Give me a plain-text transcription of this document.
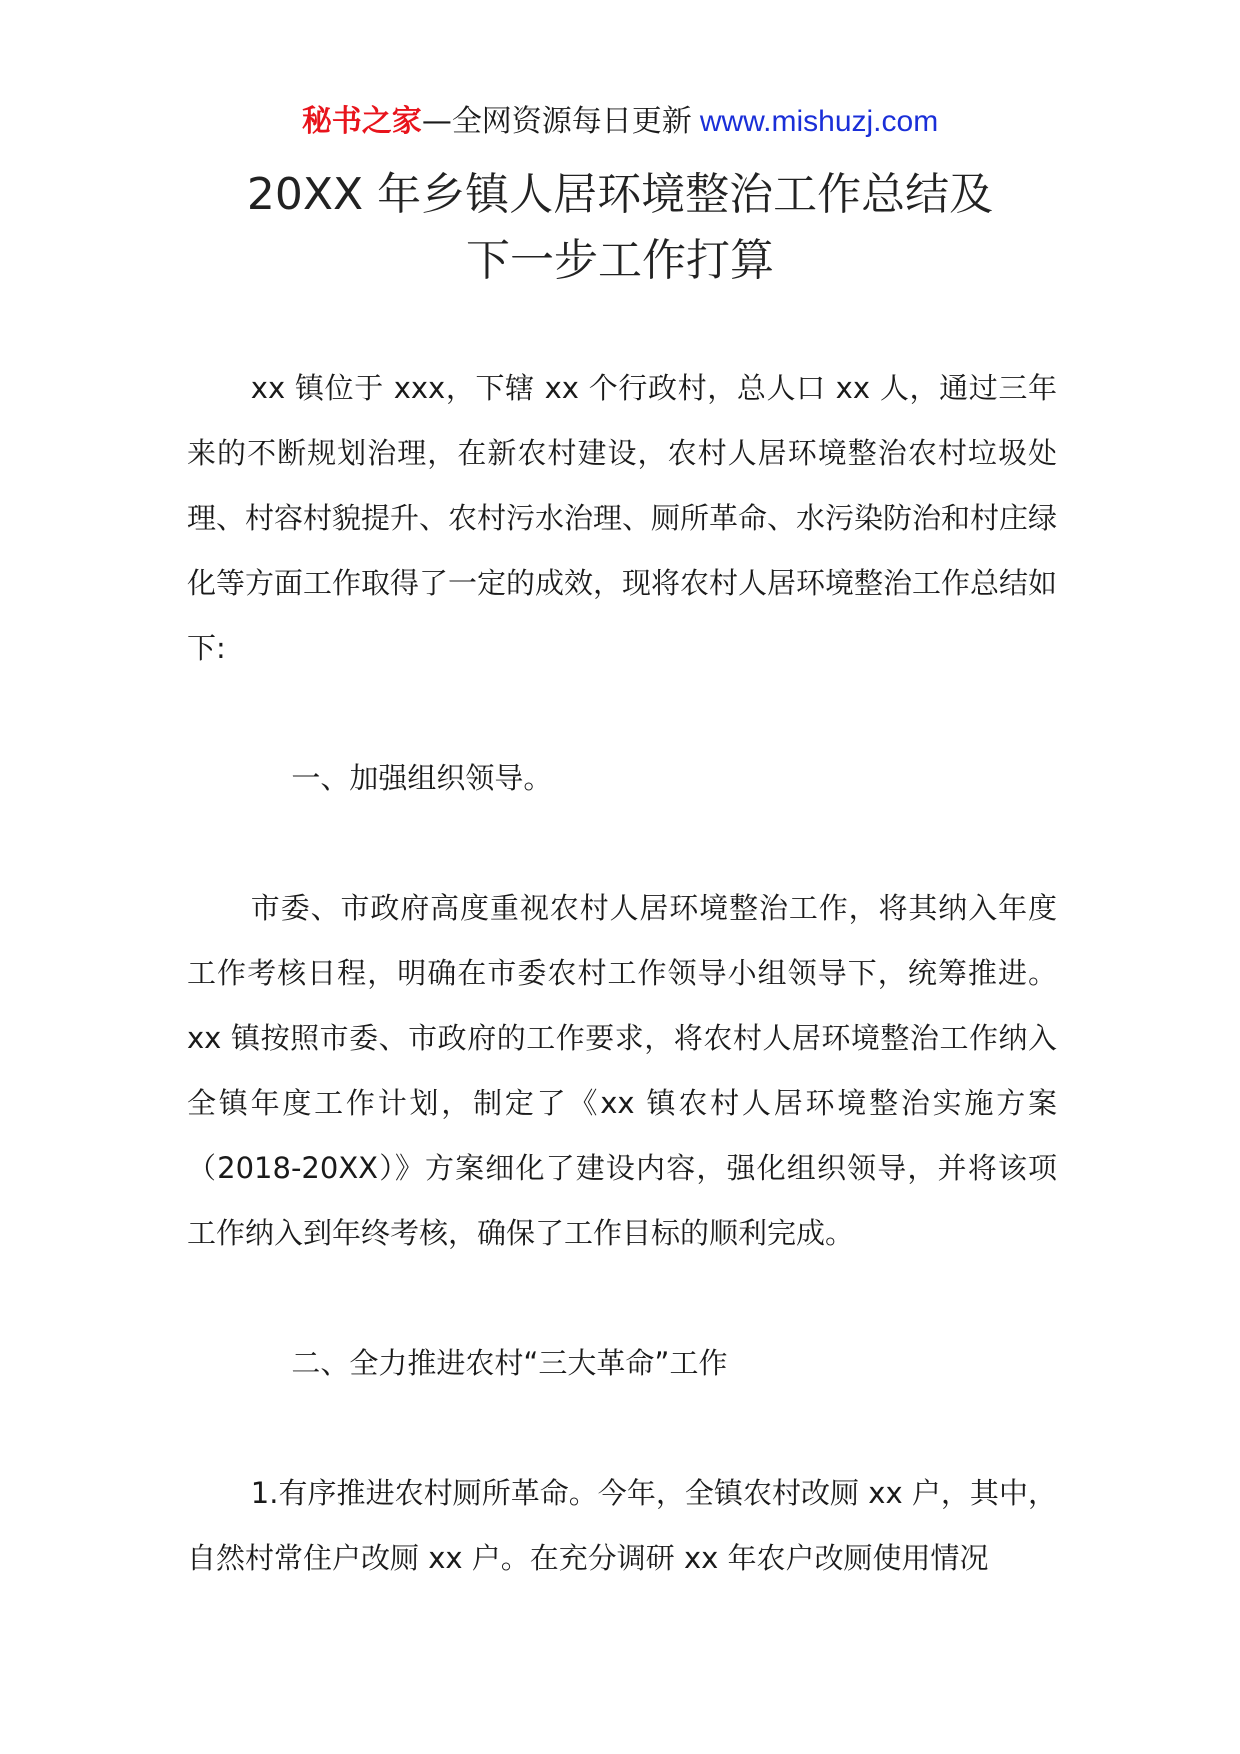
秘书之家—全网资源每日更新 www.mishuzj.com
20XX 年乡镇人居环境整治工作总结及
下一步工作打算

xx 镇位于 xxx，下辖 xx 个行政村，总人口 xx 人，通过三年来的不断规划治理，在新农村建设，农村人居环境整治农村垃圾处理、村容村貌提升、农村污水治理、厕所革命、水污染防治和村庄绿化等方面工作取得了一定的成效，现将农村人居环境整治工作总结如下:

一、加强组织领导。

市委、市政府高度重视农村人居环境整治工作，将其纳入年度工作考核日程，明确在市委农村工作领导小组领导下，统筹推进。xx 镇按照市委、市政府的工作要求，将农村人居环境整治工作纳入全镇年度工作计划，制定了《xx 镇农村人居环境整治实施方案（2018-20XX）》方案细化了建设内容，强化组织领导，并将该项工作纳入到年终考核，确保了工作目标的顺利完成。

二、全力推进农村“三大革命”工作

1.有序推进农村厕所革命。今年，全镇农村改厕 xx 户，其中，自然村常住户改厕 xx 户。在充分调研 xx 年农户改厕使用情况
